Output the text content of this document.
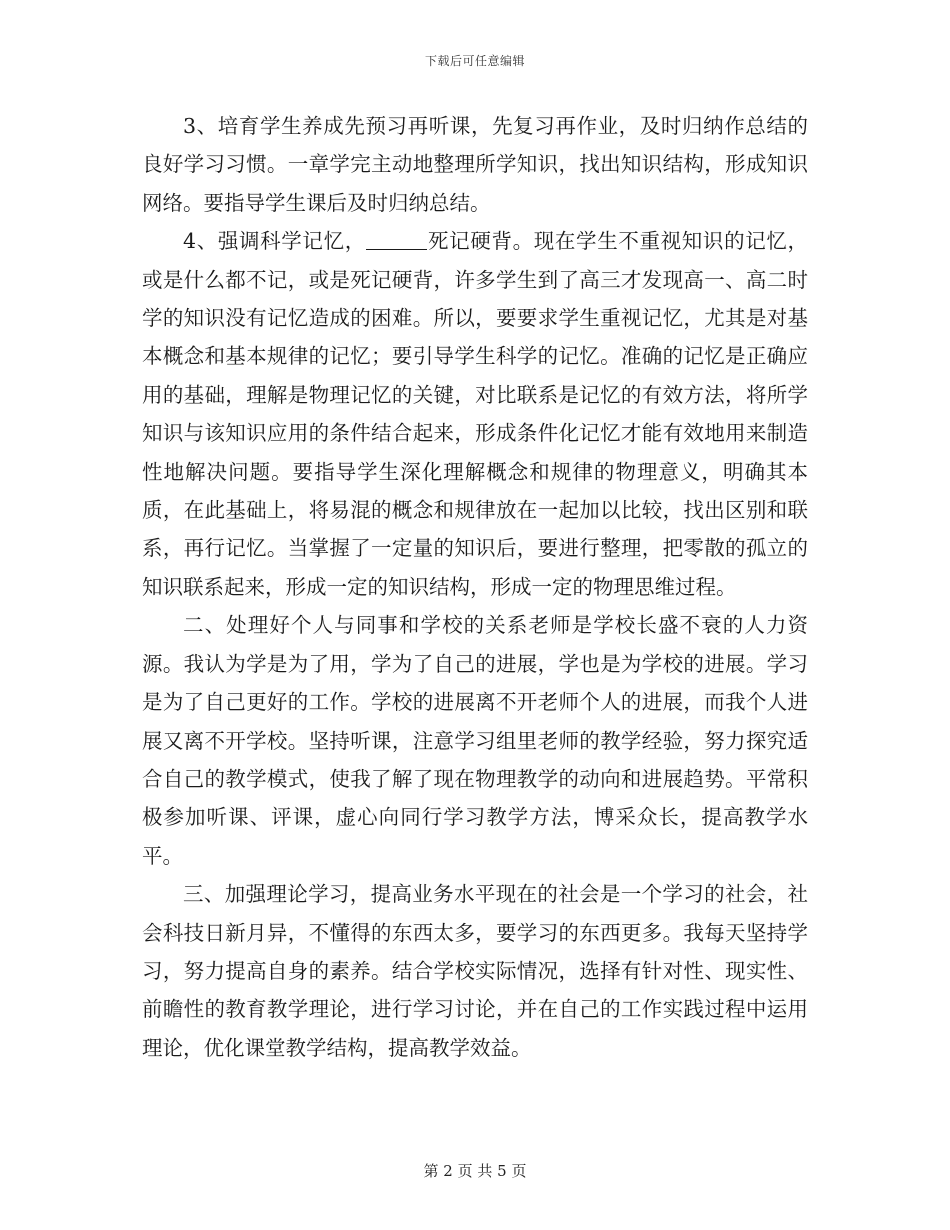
下载后可任意编辑

3、培育学生养成先预习再听课，先复习再作业，及时归纳作总结的良好学习习惯。一章学完主动地整理所学知识，找出知识结构，形成知识网络。要指导学生课后及时归纳总结。

4、强调科学记忆，	死记硬背。现在学生不重视知识的记忆，或是什么都不记，或是死记硬背，许多学生到了高三才发现高一、高二时学的知识没有记忆造成的困难。所以，要要求学生重视记忆，尤其是对基本概念和基本规律的记忆；要引导学生科学的记忆。准确的记忆是正确应用的基础，理解是物理记忆的关键，对比联系是记忆的有效方法，将所学知识与该知识应用的条件结合起来，形成条件化记忆才能有效地用来制造性地解决问题。要指导学生深化理解概念和规律的物理意义，明确其本质，在此基础上，将易混的概念和规律放在一起加以比较，找出区别和联系，再行记忆。当掌握了一定量的知识后，要进行整理，把零散的孤立的知识联系起来，形成一定的知识结构，形成一定的物理思维过程。

二、处理好个人与同事和学校的关系老师是学校长盛不衰的人力资源。我认为学是为了用，学为了自己的进展，学也是为学校的进展。学习是为了自己更好的工作。学校的进展离不开老师个人的进展，而我个人进展又离不开学校。坚持听课，注意学习组里老师的教学经验，努力探究适合自己的教学模式，使我了解了现在物理教学的动向和进展趋势。平常积极参加听课、评课，虚心向同行学习教学方法，博采众长，提高教学水平。

三、加强理论学习，提高业务水平现在的社会是一个学习的社会，社会科技日新月异，不懂得的东西太多，要学习的东西更多。我每天坚持学习，努力提高自身的素养。结合学校实际情况，选择有针对性、现实性、前瞻性的教育教学理论，进行学习讨论，并在自己的工作实践过程中运用理论，优化课堂教学结构，提高教学效益。

第 2 页 共 5 页
